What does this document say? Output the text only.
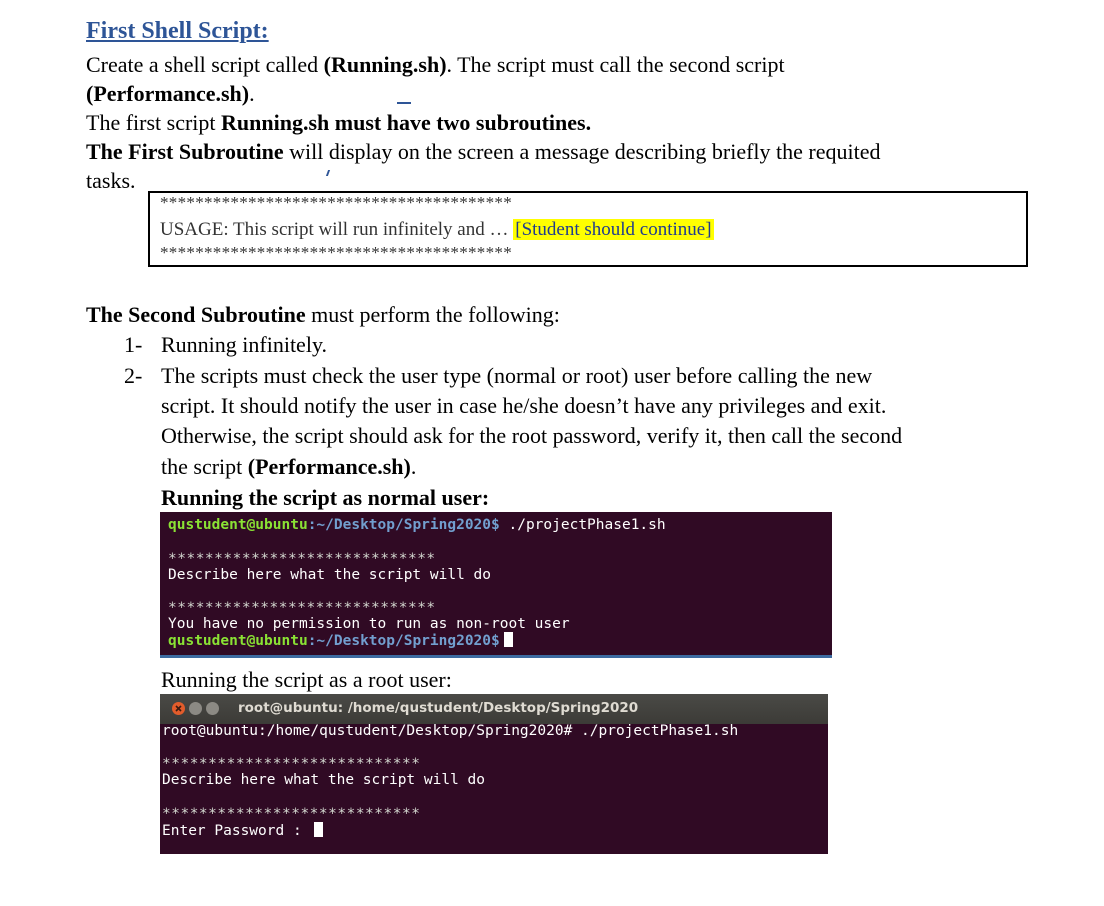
First Shell Script:
Create a shell script called (Running.sh). The script must call the second script
(Performance.sh).
The first script Running.sh must have two subroutines.
The First Subroutine will display on the screen a message describing briefly the requited
tasks.
****************************************
USAGE: This script will run infinitely and … [Student should continue]
****************************************
The Second Subroutine must perform the following:
1- Running infinitely.
2- The scripts must check the user type (normal or root) user before calling the new
script. It should notify the user in case he/she doesn’t have any privileges and exit.
Otherwise, the script should ask for the root password, verify it, then call the second
the script (Performance.sh).
Running the script as normal user:
qustudent@ubuntu:~/Desktop/Spring2020$ ./projectPhase1.sh
*****************************
Describe here what the script will do
*****************************
You have no permission to run as non-root user
qustudent@ubuntu:~/Desktop/Spring2020$
Running the script as a root user:
root@ubuntu: /home/qustudent/Desktop/Spring2020
root@ubuntu:/home/qustudent/Desktop/Spring2020# ./projectPhase1.sh
****************************
Describe here what the script will do
****************************
Enter Password :
